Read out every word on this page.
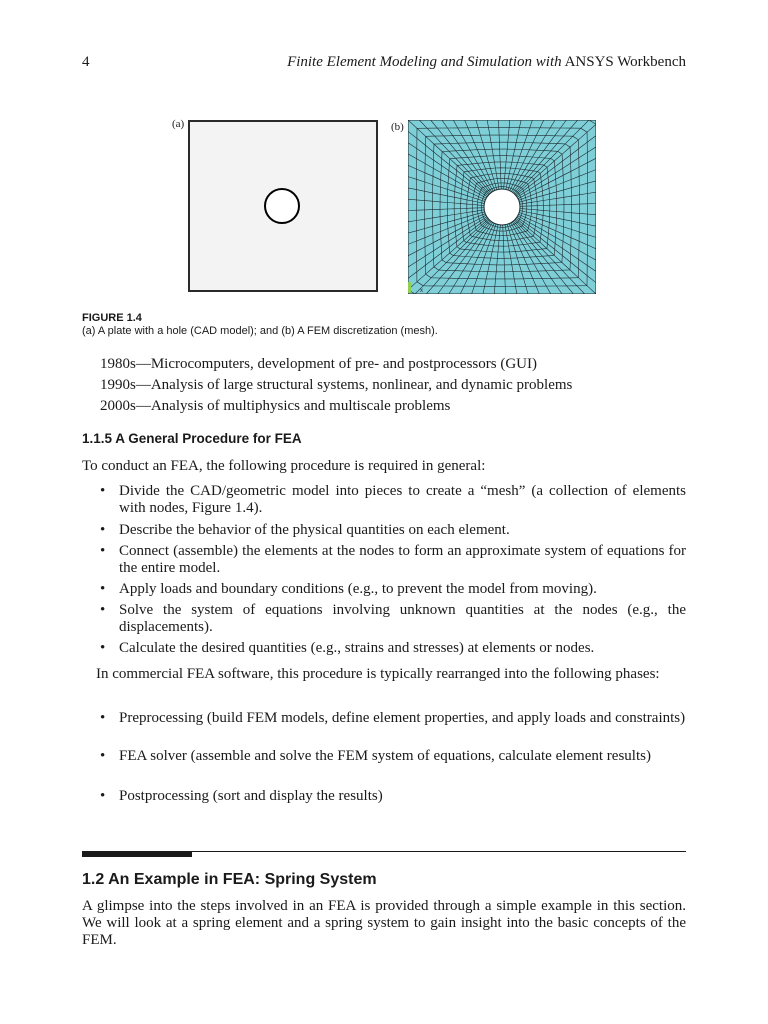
4	Finite Element Modeling and Simulation with ANSYS Workbench
(a)	(b)
x
FIGURE 1.4
(a) A plate with a hole (CAD model); and (b) A FEM discretization (mesh).
1980s—Microcomputers, development of pre- and postprocessors (GUI)
1990s—Analysis of large structural systems, nonlinear, and dynamic problems
2000s—Analysis of multiphysics and multiscale problems
1.1.5 A General Procedure for FEA
To conduct an FEA, the following procedure is required in general:
• Divide the CAD/geometric model into pieces to create a “mesh” (a collection of elements with nodes, Figure 1.4).
• Describe the behavior of the physical quantities on each element.
• Connect (assemble) the elements at the nodes to form an approximate system of equations for the entire model.
• Apply loads and boundary conditions (e.g., to prevent the model from moving).
• Solve the system of equations involving unknown quantities at the nodes (e.g., the displacements).
• Calculate the desired quantities (e.g., strains and stresses) at elements or nodes.
In commercial FEA software, this procedure is typically rearranged into the following phases:
• Preprocessing (build FEM models, define element properties, and apply loads and constraints)
• FEA solver (assemble and solve the FEM system of equations, calculate element results)
• Postprocessing (sort and display the results)
1.2 An Example in FEA: Spring System
A glimpse into the steps involved in an FEA is provided through a simple example in this section. We will look at a spring element and a spring system to gain insight into the basic concepts of the FEM.
